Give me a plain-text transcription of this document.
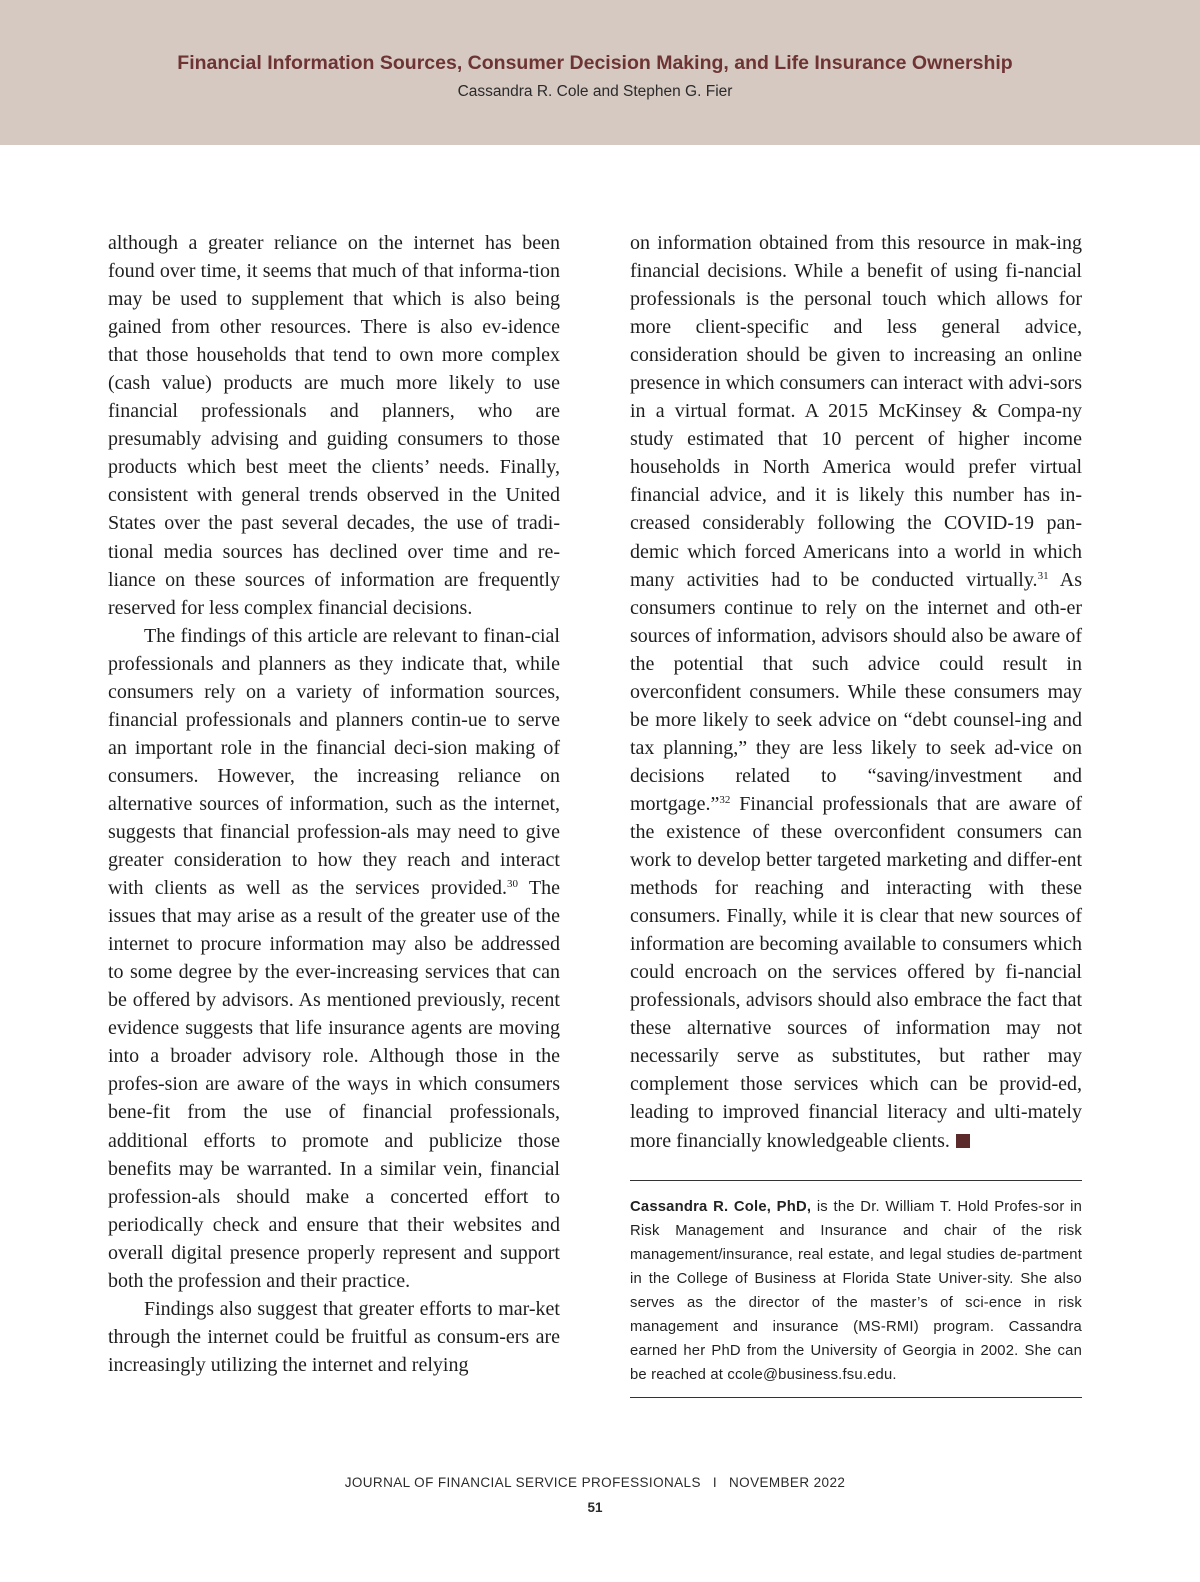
Financial Information Sources, Consumer Decision Making, and Life Insurance Ownership
Cassandra R. Cole and Stephen G. Fier

although a greater reliance on the internet has been found over time, it seems that much of that informa-tion may be used to supplement that which is also being gained from other resources. There is also ev-idence that those households that tend to own more complex (cash value) products are much more likely to use financial professionals and planners, who are presumably advising and guiding consumers to those products which best meet the clients’ needs. Finally, consistent with general trends observed in the United States over the past several decades, the use of tradi-tional media sources has declined over time and re-liance on these sources of information are frequently reserved for less complex financial decisions.

The findings of this article are relevant to finan-cial professionals and planners as they indicate that, while consumers rely on a variety of information sources, financial professionals and planners contin-ue to serve an important role in the financial deci-sion making of consumers. However, the increasing reliance on alternative sources of information, such as the internet, suggests that financial profession-als may need to give greater consideration to how they reach and interact with clients as well as the services provided.$^{30}$ The issues that may arise as a result of the greater use of the internet to procure information may also be addressed to some degree by the ever-increasing services that can be offered by advisors. As mentioned previously, recent evidence suggests that life insurance agents are moving into a broader advisory role. Although those in the profes-sion are aware of the ways in which consumers bene-fit from the use of financial professionals, additional efforts to promote and publicize those benefits may be warranted. In a similar vein, financial profession-als should make a concerted effort to periodically check and ensure that their websites and overall digital presence properly represent and support both the profession and their practice.

Findings also suggest that greater efforts to mar-ket through the internet could be fruitful as consum-ers are increasingly utilizing the internet and relying

on information obtained from this resource in mak-ing financial decisions. While a benefit of using fi-nancial professionals is the personal touch which allows for more client-specific and less general advice, consideration should be given to increasing an online presence in which consumers can interact with advi-sors in a virtual format. A 2015 McKinsey & Compa-ny study estimated that 10 percent of higher income households in North America would prefer virtual financial advice, and it is likely this number has in-creased considerably following the COVID-19 pan-demic which forced Americans into a world in which many activities had to be conducted virtually.$^{31}$ As consumers continue to rely on the internet and oth-er sources of information, advisors should also be aware of the potential that such advice could result in overconfident consumers. While these consumers may be more likely to seek advice on “debt counsel-ing and tax planning,” they are less likely to seek ad-vice on decisions related to “saving/investment and mortgage.”$^{32}$ Financial professionals that are aware of the existence of these overconfident consumers can work to develop better targeted marketing and differ-ent methods for reaching and interacting with these consumers. Finally, while it is clear that new sources of information are becoming available to consumers which could encroach on the services offered by fi-nancial professionals, advisors should also embrace the fact that these alternative sources of information may not necessarily serve as substitutes, but rather may complement those services which can be provid-ed, leading to improved financial literacy and ulti-mately more financially knowledgeable clients.

Cassandra R. Cole, PhD, is the Dr. William T. Hold Profes-sor in Risk Management and Insurance and chair of the risk management/insurance, real estate, and legal studies de-partment in the College of Business at Florida State Univer-sity. She also serves as the director of the master’s of sci-ence in risk management and insurance (MS-RMI) program. Cassandra earned her PhD from the University of Georgia in 2002. She can be reached at ccole@business.fsu.edu.
JOURNAL OF FINANCIAL SERVICE PROFESSIONALS I NOVEMBER 2022
51
